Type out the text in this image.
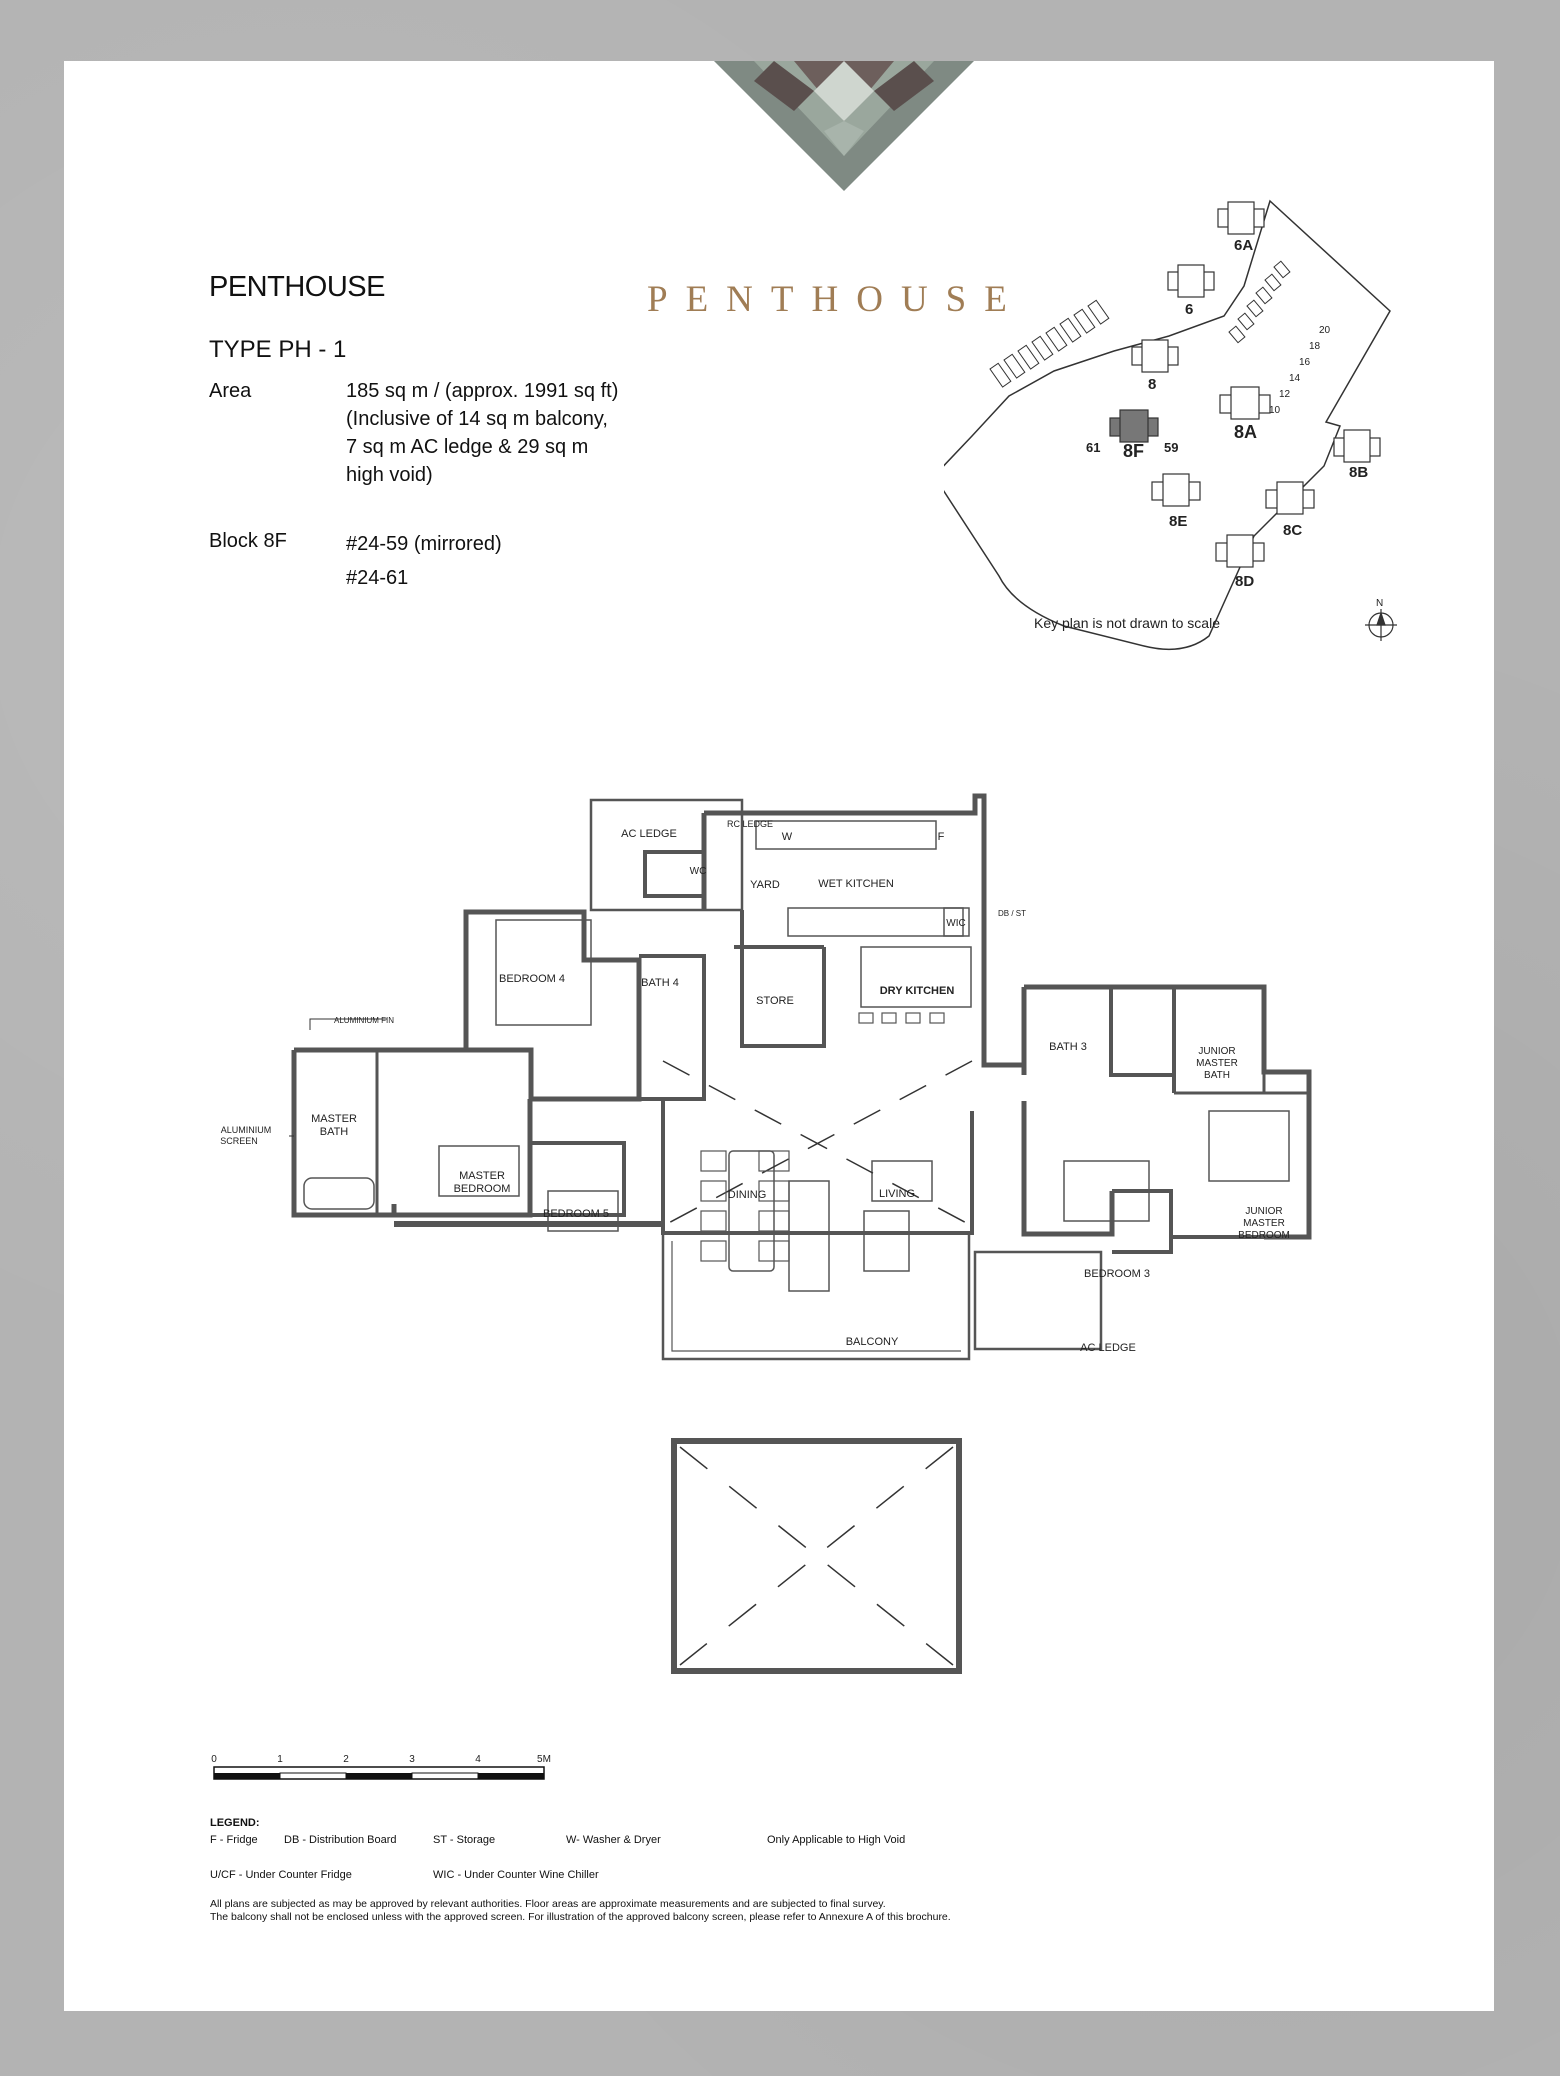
PENTHOUSE
PENTHOUSE
TYPE PH - 1
Area	185 sq m / (approx. 1991 sq ft)
(Inclusive of 14 sq m balcony,
7 sq m AC ledge & 29 sq m
high void)
Block 8F	#24-59 (mirrored)
#24-61
6A
6
8
8A
8F
8B
8E
8C
8D
61	59
20
18
16
14
12
10
N
Key plan is not drawn to scale
AC LEDGE
RC LEDGE
W	F
WC
YARD	WET KITCHEN
WIC
DB / ST
BEDROOM 4	BATH 4
STORE
DRY KITCHEN
ALUMINIUM FIN
ALUMINIUM
SCREEN
MASTER
BATH
MASTER
BEDROOM
BEDROOM 5
DINING	LIVING
BATH 3	JUNIOR
MASTER
BATH
BEDROOM 3
JUNIOR
MASTER
BEDROOM
BALCONY	AC LEDGE
0	1	2	3	4	5M
LEGEND:
F - Fridge DB - Distribution Board	ST - Storage	W- Washer & Dryer	Only Applicable to High Void
U/CF - Under Counter Fridge	WIC - Under Counter Wine Chiller
All plans are subjected as may be approved by relevant authorities. Floor areas are approximate measurements and are subjected to final survey.
The balcony shall not be enclosed unless with the approved screen. For illustration of the approved balcony screen, please refer to Annexure A of this brochure.
